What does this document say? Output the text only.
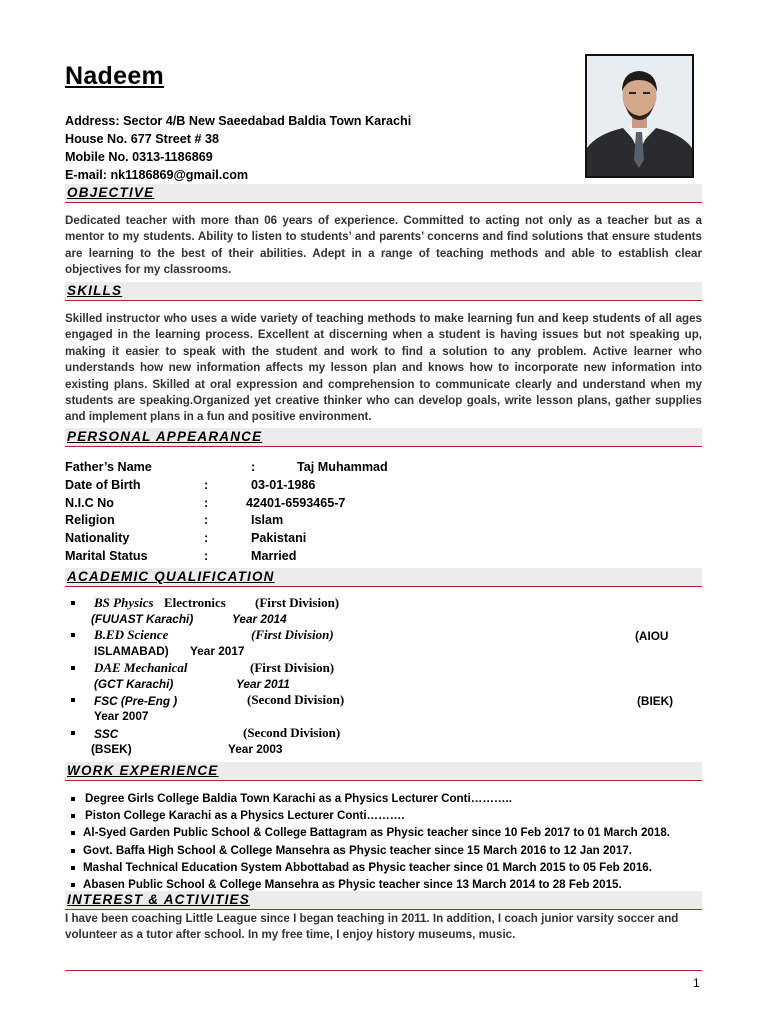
Nadeem
Address: Sector 4/B New Saeedabad Baldia Town Karachi
House No. 677 Street # 38
Mobile No. 0313-1186869
E-mail: nk1186869@gmail.com
OBJECTIVE
Dedicated teacher with more than 06 years of experience. Committed to acting not only as a teacher but as a mentor to my students. Ability to listen to students’ and parents’ concerns and find solutions that ensure students are learning to the best of their abilities. Adept in a range of teaching methods and able to establish clear objectives for my classrooms.
SKILLS
Skilled instructor who uses a wide variety of teaching methods to make learning fun and keep students of all ages engaged in the learning process. Excellent at discerning when a student is having issues but not speaking up, making it easier to speak with the student and work to find a solution to any problem. Active learner who understands how new information affects my lesson plan and knows how to incorporate new information into existing plans. Skilled at oral expression and comprehension to communicate clearly and understand when my students are speaking.Organized yet creative thinker who can develop goals, write lesson plans, gather supplies and implement plans in a fun and positive environment.
PERSONAL APPEARANCE
Father’s Name	:	Taj Muhammad
Date of Birth	:	03-01-1986
N.I.C No	:	42401-6593465-7
Religion	:	Islam
Nationality	:	Pakistani
Marital Status	:	Married
ACADEMIC QUALIFICATION
BS Physics Electronics (First Division)
(FUUAST Karachi)	Year 2014
B.ED Science	(First Division)	(AIOU
ISLAMABAD) Year 2017
DAE Mechanical	(First Division)
(GCT Karachi)	Year 2011
FSC (Pre-Eng )	(Second Division)	(BIEK)
Year 2007
SSC	(Second Division)
(BSEK)	Year 2003
WORK EXPERIENCE
Degree Girls College Baldia Town Karachi as a Physics Lecturer Conti………..
Piston College Karachi as a Physics Lecturer Conti……….
Al-Syed Garden Public School & College Battagram as Physic teacher since 10 Feb 2017 to 01 March 2018.
Govt. Baffa High School & College Mansehra as Physic teacher since 15 March 2016 to 12 Jan 2017.
Mashal Technical Education System Abbottabad as Physic teacher since 01 March 2015 to 05 Feb 2016.
Abasen Public School & College Mansehra as Physic teacher since 13 March 2014 to 28 Feb 2015.
INTEREST & ACTIVITIES
I have been coaching Little League since I began teaching in 2011. In addition, I coach junior varsity soccer and volunteer as a tutor after school. In my free time, I enjoy history museums, music.
1
